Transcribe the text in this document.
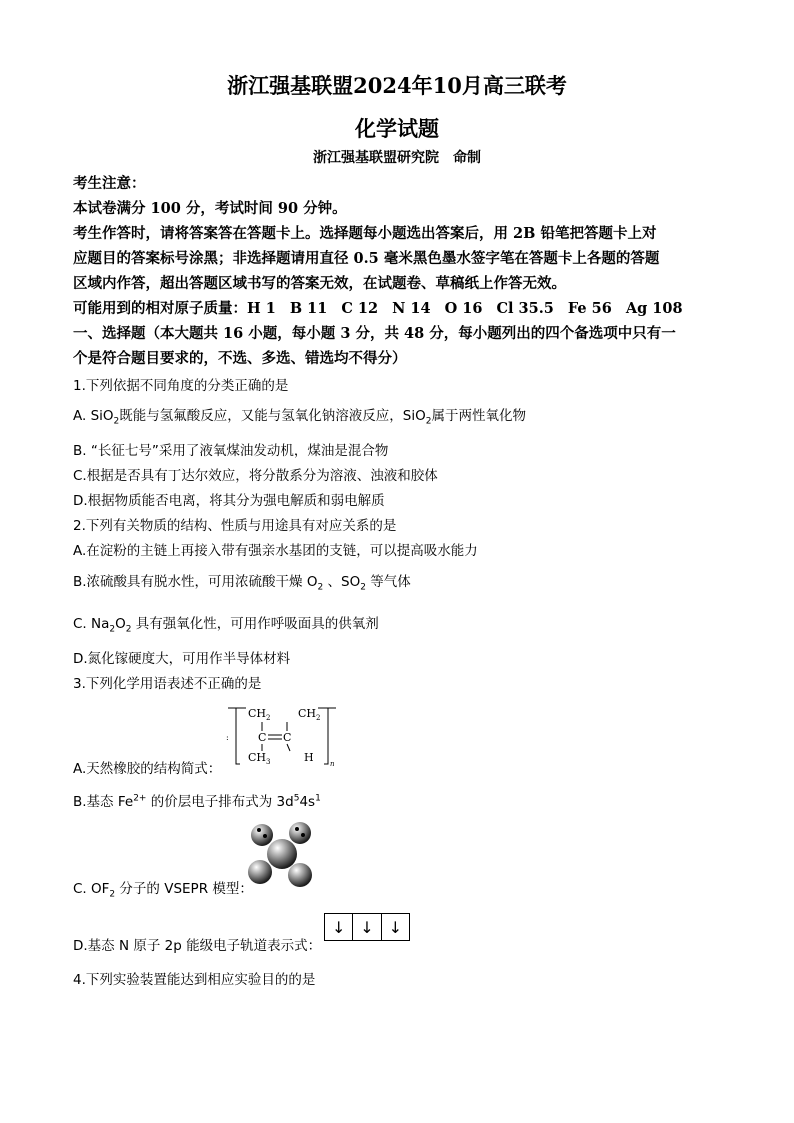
浙江强基联盟2024年10月高三联考
化学试题
浙江强基联盟研究院　命制
考生注意：
本试卷满分 100 分，考试时间 90 分钟。
考生作答时，请将答案答在答题卡上。选择题每小题选出答案后，用 2B 铅笔把答题卡上对
应题目的答案标号涂黑；非选择题请用直径 0.5 毫米黑色墨水签字笔在答题卡上各题的答题
区域内作答，超出答题区域书写的答案无效，在试题卷、草稿纸上作答无效。
可能用到的相对原子质量：H 1 B 11 C 12 N 14 O 16 Cl 35.5 Fe 56 Ag 108
一、选择题（本大题共 16 小题，每小题 3 分，共 48 分，每小题列出的四个备选项中只有一
个是符合题目要求的，不选、多选、错选均不得分）
1.下列依据不同角度的分类正确的是
A. SiO$_2$既能与氢氟酸反应，又能与氢氧化钠溶液反应，SiO$_2$属于两性氧化物
B. “长征七号”采用了液氧煤油发动机，煤油是混合物
C.根据是否具有丁达尔效应，将分散系分为溶液、浊液和胶体
D.根据物质能否电离，将其分为强电解质和弱电解质
2.下列有关物质的结构、性质与用途具有对应关系的是
A.在淀粉的主链上再接入带有强亲水基团的支链，可以提高吸水能力
B.浓硫酸具有脱水性，可用浓硫酸干燥 $O_2$ 、$SO_2$ 等气体
C. $Na_2O_2$ 具有强氧化性，可用作呼吸面具的供氧剂
D.氮化镓硬度大，可用作半导体材料
3.下列化学用语表述不正确的是
:
$CH_2$	$CH_2$
C C
$CH_3$	H n
A.天然橡胶的结构简式：
B.基态 $Fe^{2+}$ 的价层电子排布式为 $3d^54s^1$
C. $OF_2$ 分子的 VSEPR 模型：
D.基态 N 原子 2p 能级电子轨道表示式：
↓ ↓ ↓
4.下列实验装置能达到相应实验目的的是
